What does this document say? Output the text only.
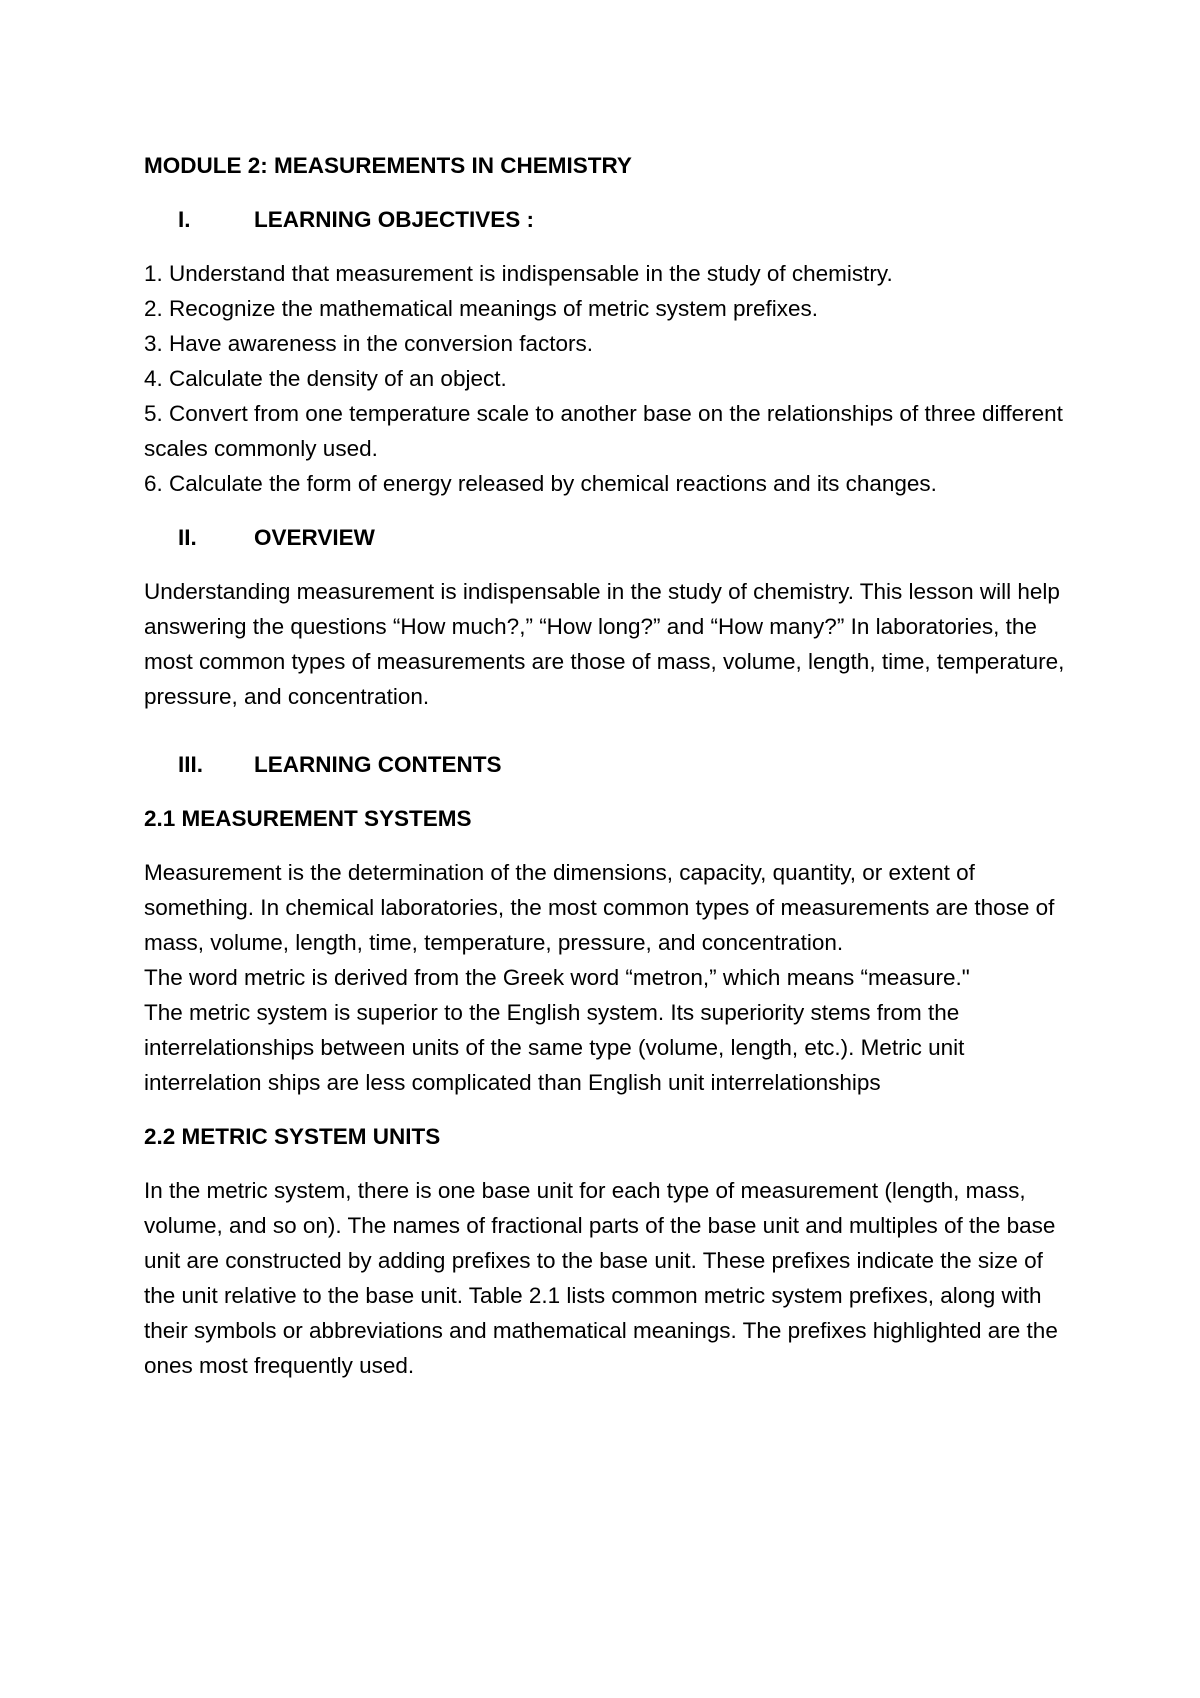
MODULE 2: MEASUREMENTS IN CHEMISTRY

I.	LEARNING OBJECTIVES :
1. Understand that measurement is indispensable in the study of chemistry.
2. Recognize the mathematical meanings of metric system prefixes.
3. Have awareness in the conversion factors.
4. Calculate the density of an object.
5. Convert from one temperature scale to another base on the relationships of three different scales commonly used.
6. Calculate the form of energy released by chemical reactions and its changes.
II.	OVERVIEW

Understanding measurement is indispensable in the study of chemistry. This lesson will help answering the questions “How much?,” “How long?” and “How many?” In laboratories, the most common types of measurements are those of mass, volume, length, time, temperature, pressure, and concentration.

III.	LEARNING CONTENTS

2.1 MEASUREMENT SYSTEMS

Measurement is the determination of the dimensions, capacity, quantity, or extent of something. In chemical laboratories, the most common types of measurements are those of mass, volume, length, time, temperature, pressure, and concentration.

The word metric is derived from the Greek word “metron,” which means “measure."

The metric system is superior to the English system. Its superiority stems from the interrelationships between units of the same type (volume, length, etc.). Metric unit interrelation ships are less complicated than English unit interrelationships

2.2 METRIC SYSTEM UNITS

In the metric system, there is one base unit for each type of measurement (length, mass, volume, and so on). The names of fractional parts of the base unit and multiples of the base unit are constructed by adding prefixes to the base unit. These prefixes indicate the size of the unit relative to the base unit. Table 2.1 lists common metric system prefixes, along with their symbols or abbreviations and mathematical meanings. The prefixes highlighted are the ones most frequently used.
